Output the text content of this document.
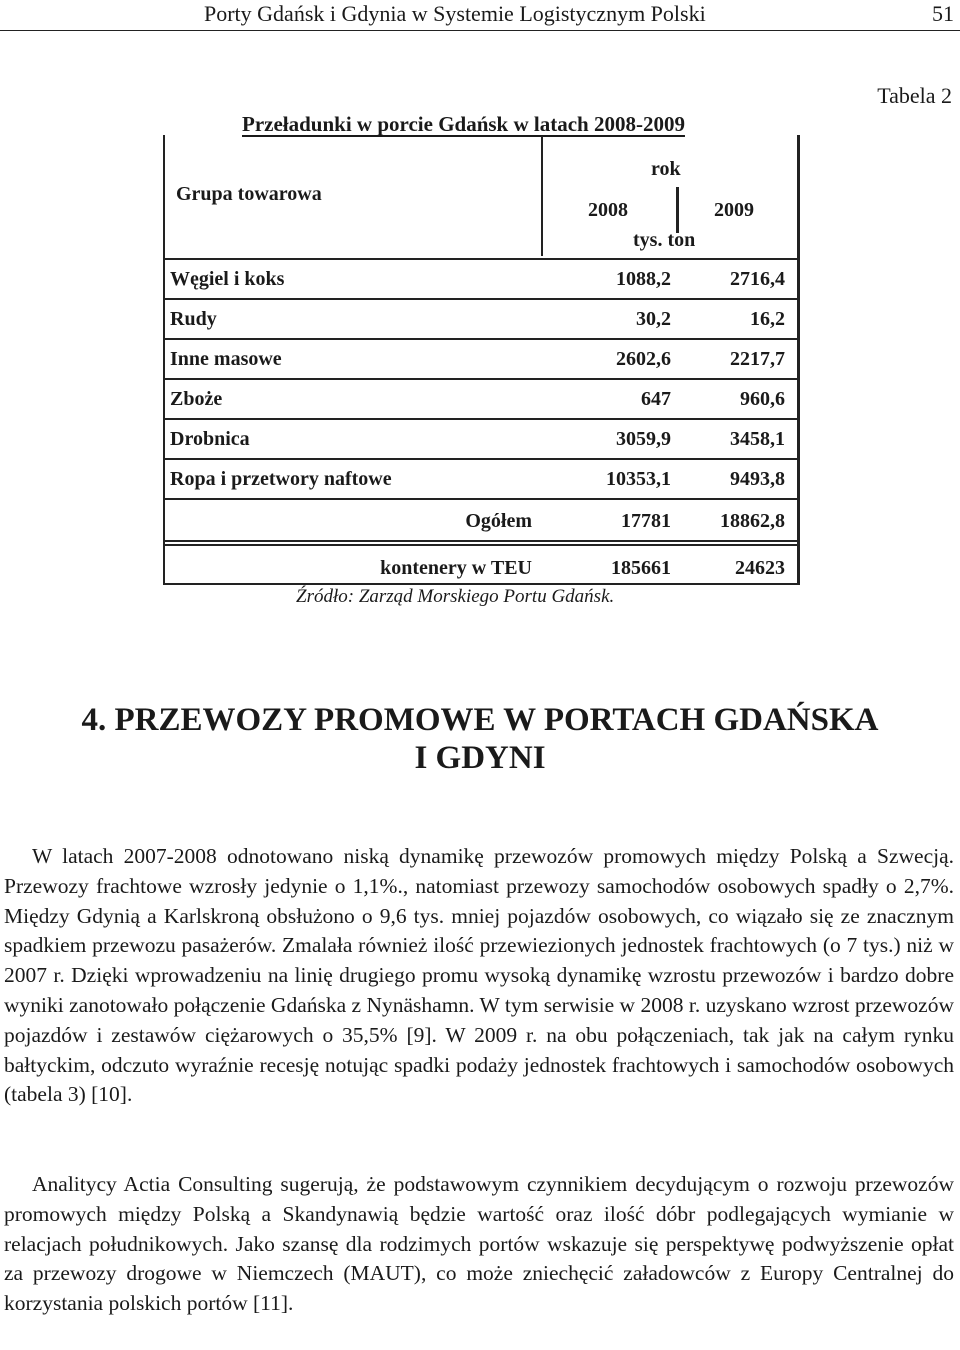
Porty Gdańsk i Gdynia w Systemie Logistycznym Polski	51
Tabela 2
Przeładunki w porcie Gdańsk w latach 2008-2009
Grupa towarowa
rok
2008	2009
tys. ton
Węgiel i koks	1088,2	2716,4
Rudy	30,2	16,2
Inne masowe	2602,6	2217,7
Zboże	647	960,6
Drobnica	3059,9	3458,1
Ropa i przetwory naftowe	10353,1	9493,8
Ogółem	17781 18862,8
kontenery w TEU	185661	24623
Źródło: Zarząd Morskiego Portu Gdańsk.
4. PRZEWOZY PROMOWE W PORTACH GDAŃSKA
I GDYNI

W latach 2007-2008 odnotowano niską dynamikę przewozów promowych między Polską a Szwecją. Przewozy frachtowe wzrosły jedynie o 1,1%., natomiast przewozy samochodów osobowych spadły o 2,7%. Między Gdynią a Karlskroną obsłużono o 9,6 tys. mniej pojazdów osobowych, co wiązało się ze znacznym spadkiem przewozu pasażerów. Zmalała również ilość przewiezionych jednostek frachtowych (o 7 tys.) niż w 2007 r. Dzięki wprowadzeniu na linię drugiego promu wysoką dynamikę wzrostu przewozów i bardzo dobre wyniki zanotowało połączenie Gdańska z Nynäshamn. W tym serwisie w 2008 r. uzyskano wzrost przewozów pojazdów i zestawów ciężarowych o 35,5% [9]. W 2009 r. na obu połączeniach, tak jak na całym rynku bałtyckim, odczuto wyraźnie recesję notując spadki podaży jednostek frachtowych i samochodów osobowych (tabela 3) [10].

Analitycy Actia Consulting sugerują, że podstawowym czynnikiem decydującym o rozwoju przewozów promowych między Polską a Skandynawią będzie wartość oraz ilość dóbr podlegających wymianie w relacjach południkowych. Jako szansę dla rodzimych portów wskazuje się perspektywę podwyższenie opłat za przewozy drogowe w Niemczech (MAUT), co może zniechęcić załadowców z Europy Centralnej do korzystania polskich portów [11].
